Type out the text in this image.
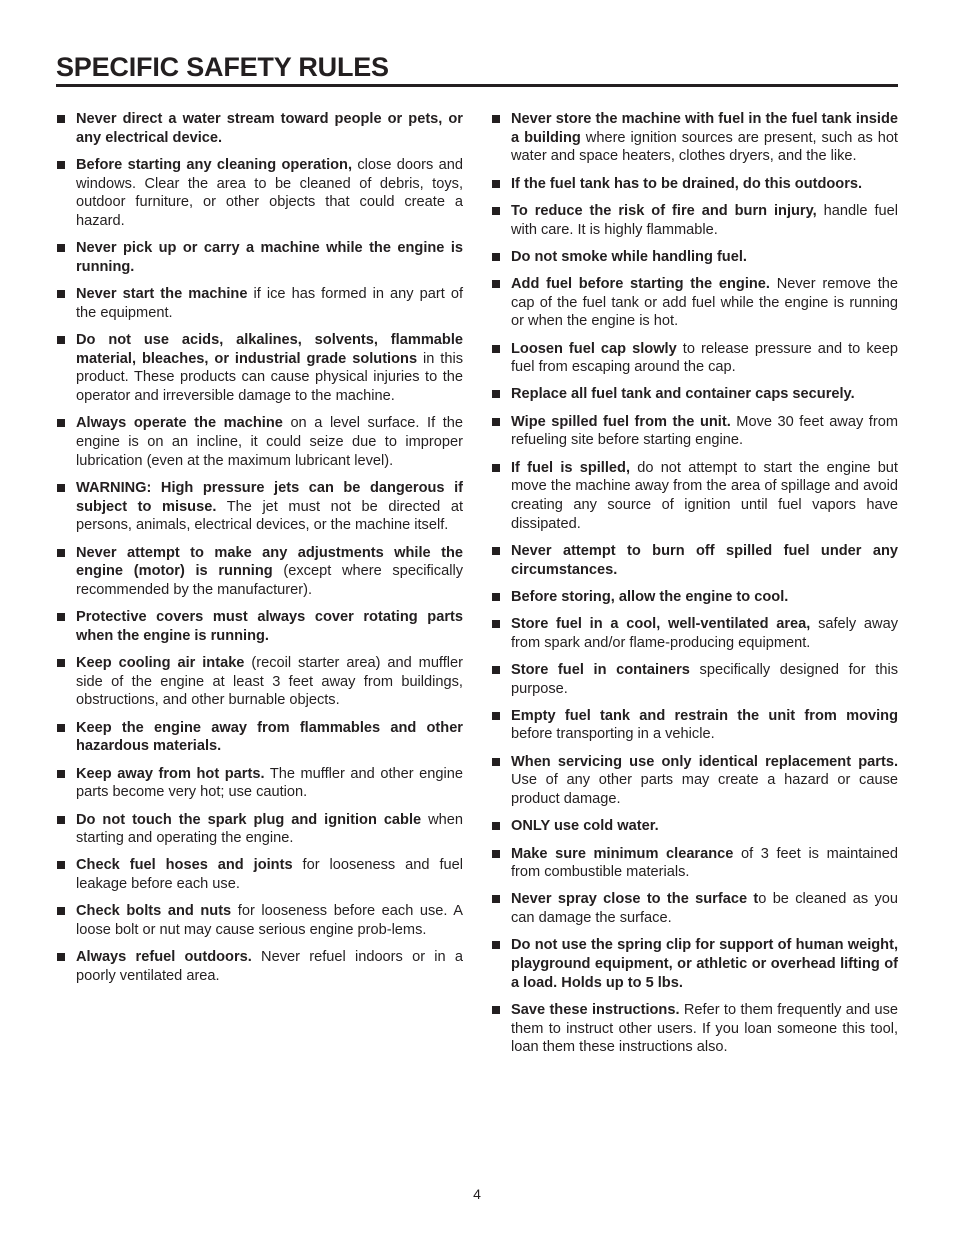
SPECIFIC SAFETY RULES

Never direct a water stream toward people or pets, or any electrical device.

Before starting any cleaning operation, close doors and windows. Clear the area to be cleaned of debris, toys, outdoor furniture, or other objects that could create a hazard.

Never pick up or carry a machine while the engine is running.

Never start the machine if ice has formed in any part of the equipment.

Do not use acids, alkalines, solvents, flammable material, bleaches, or industrial grade solutions in this product. These products can cause physical injuries to the operator and irreversible damage to the machine.

Always operate the machine on a level surface. If the engine is on an incline, it could seize due to improper lubrication (even at the maximum lubricant level).

WARNING: High pressure jets can be dangerous if subject to misuse. The jet must not be directed at persons, animals, electrical devices, or the machine itself.

Never attempt to make any adjustments while the engine (motor) is running (except where specifically recommended by the manufacturer).

Protective covers must always cover rotating parts when the engine is running.

Keep cooling air intake (recoil starter area) and muffler side of the engine at least 3 feet away from buildings, obstructions, and other burnable objects.

Keep the engine away from flammables and other hazardous materials.

Keep away from hot parts. The muffler and other engine parts become very hot; use caution.

Do not touch the spark plug and ignition cable when starting and operating the engine.

Check fuel hoses and joints for looseness and fuel leakage before each use.

Check bolts and nuts for looseness before each use. A loose bolt or nut may cause serious engine prob-lems.

Always refuel outdoors. Never refuel indoors or in a poorly ventilated area.

Never store the machine with fuel in the fuel tank inside a building where ignition sources are present, such as hot water and space heaters, clothes dryers, and the like.

If the fuel tank has to be drained, do this outdoors.

To reduce the risk of fire and burn injury, handle fuel with care. It is highly flammable.

Do not smoke while handling fuel.

Add fuel before starting the engine. Never remove the cap of the fuel tank or add fuel while the engine is running or when the engine is hot.

Loosen fuel cap slowly to release pressure and to keep fuel from escaping around the cap.

Replace all fuel tank and container caps securely.

Wipe spilled fuel from the unit. Move 30 feet away from refueling site before starting engine.

If fuel is spilled, do not attempt to start the engine but move the machine away from the area of spillage and avoid creating any source of ignition until fuel vapors have dissipated.

Never attempt to burn off spilled fuel under any circumstances.

Before storing, allow the engine to cool.

Store fuel in a cool, well-ventilated area, safely away from spark and/or flame-producing equipment.

Store fuel in containers specifically designed for this purpose.

Empty fuel tank and restrain the unit from moving before transporting in a vehicle.

When servicing use only identical replacement parts. Use of any other parts may create a hazard or cause product damage.

ONLY use cold water.

Make sure minimum clearance of 3 feet is maintained from combustible materials.

Never spray close to the surface to be cleaned as you can damage the surface.

Do not use the spring clip for support of human weight, playground equipment, or athletic or overhead lifting of a load. Holds up to 5 lbs.

Save these instructions. Refer to them frequently and use them to instruct other users. If you loan someone this tool, loan them these instructions also.

4
